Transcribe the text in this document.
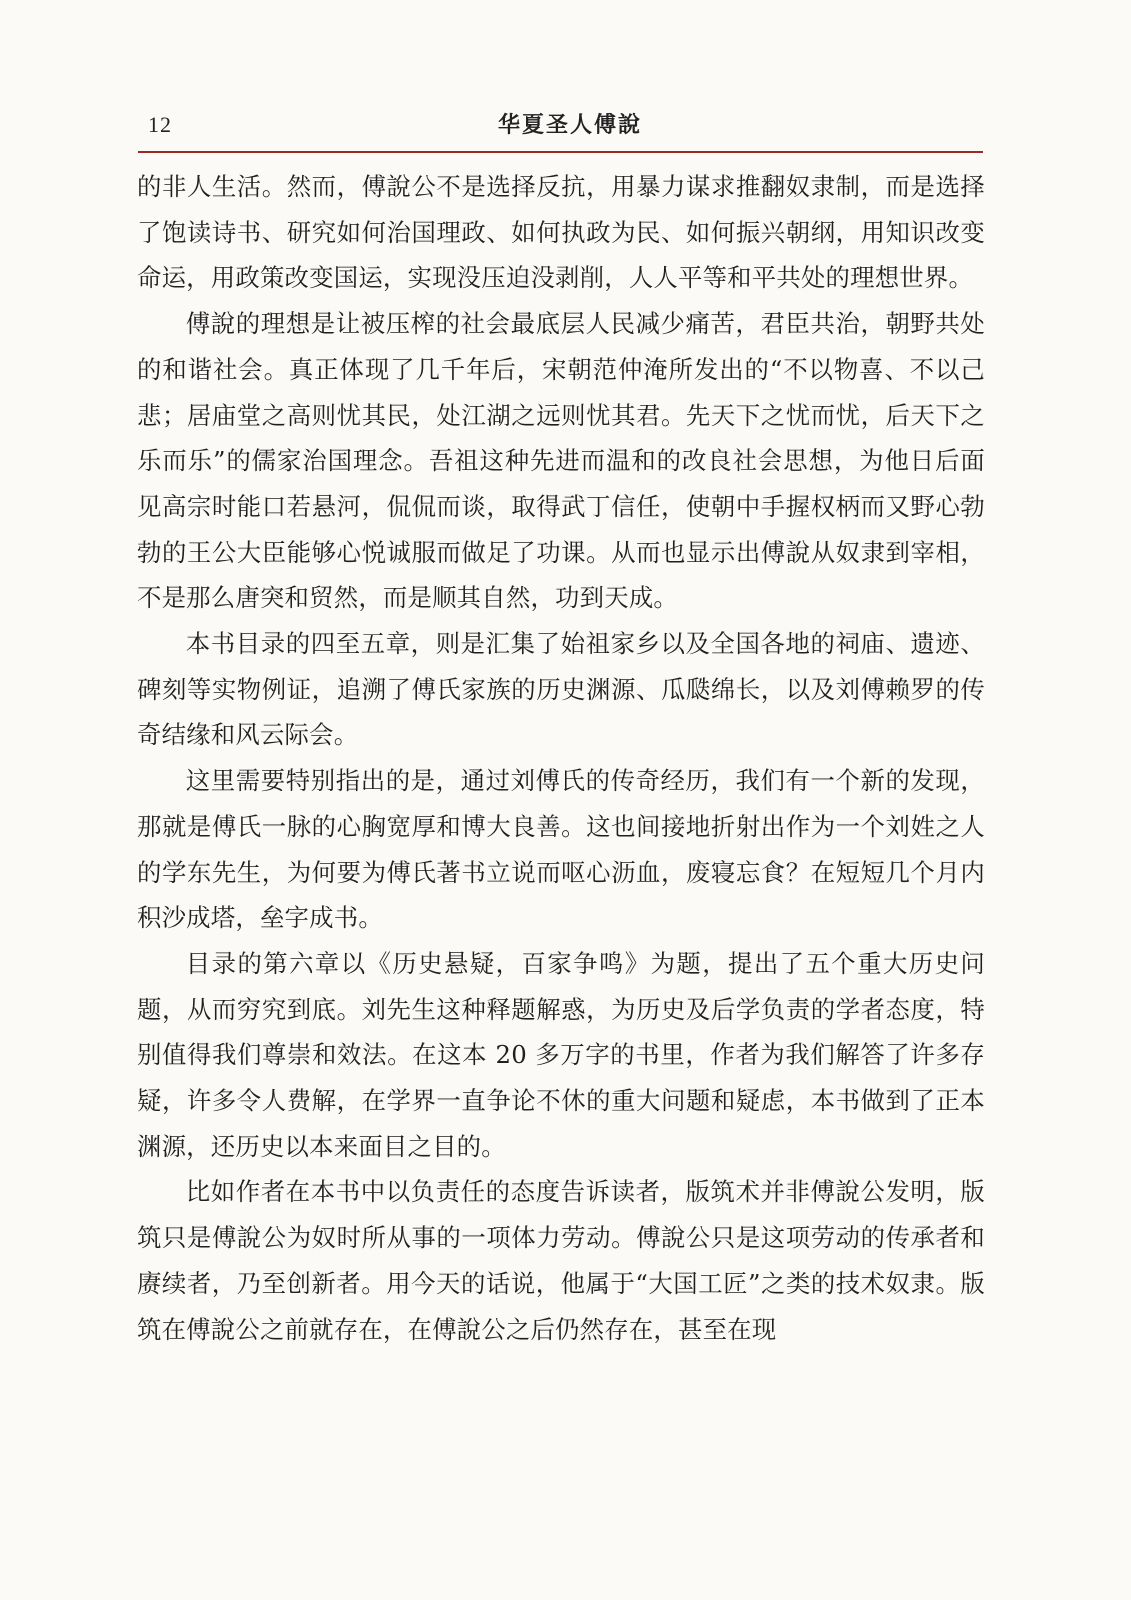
12	华夏圣人傅說

的非人生活。然而，傅說公不是选择反抗，用暴力谋求推翻奴隶制，而是选择了饱读诗书、研究如何治国理政、如何执政为民、如何振兴朝纲，用知识改变命运，用政策改变国运，实现没压迫没剥削，人人平等和平共处的理想世界。

傅說的理想是让被压榨的社会最底层人民减少痛苦，君臣共治，朝野共处的和谐社会。真正体现了几千年后，宋朝范仲淹所发出的“不以物喜、不以己悲；居庙堂之高则忧其民，处江湖之远则忧其君。先天下之忧而忧，后天下之乐而乐”的儒家治国理念。吾祖这种先进而温和的改良社会思想，为他日后面见高宗时能口若悬河，侃侃而谈，取得武丁信任，使朝中手握权柄而又野心勃勃的王公大臣能够心悦诚服而做足了功课。从而也显示出傅說从奴隶到宰相，不是那么唐突和贸然，而是顺其自然，功到天成。

本书目录的四至五章，则是汇集了始祖家乡以及全国各地的祠庙、遗迹、碑刻等实物例证，追溯了傅氏家族的历史渊源、瓜瓞绵长，以及刘傅赖罗的传奇结缘和风云际会。

这里需要特别指出的是，通过刘傅氏的传奇经历，我们有一个新的发现，那就是傅氏一脉的心胸宽厚和博大良善。这也间接地折射出作为一个刘姓之人的学东先生，为何要为傅氏著书立说而呕心沥血，废寝忘食？在短短几个月内积沙成塔，垒字成书。

目录的第六章以《历史悬疑，百家争鸣》为题，提出了五个重大历史问题，从而穷究到底。刘先生这种释题解惑，为历史及后学负责的学者态度，特别值得我们尊崇和效法。在这本 20 多万字的书里，作者为我们解答了许多存疑，许多令人费解，在学界一直争论不休的重大问题和疑虑，本书做到了正本渊源，还历史以本来面目之目的。

比如作者在本书中以负责任的态度告诉读者，版筑术并非傅說公发明，版筑只是傅說公为奴时所从事的一项体力劳动。傅說公只是这项劳动的传承者和赓续者，乃至创新者。用今天的话说，他属于“大国工匠”之类的技术奴隶。版筑在傅說公之前就存在，在傅說公之后仍然存在，甚至在现
